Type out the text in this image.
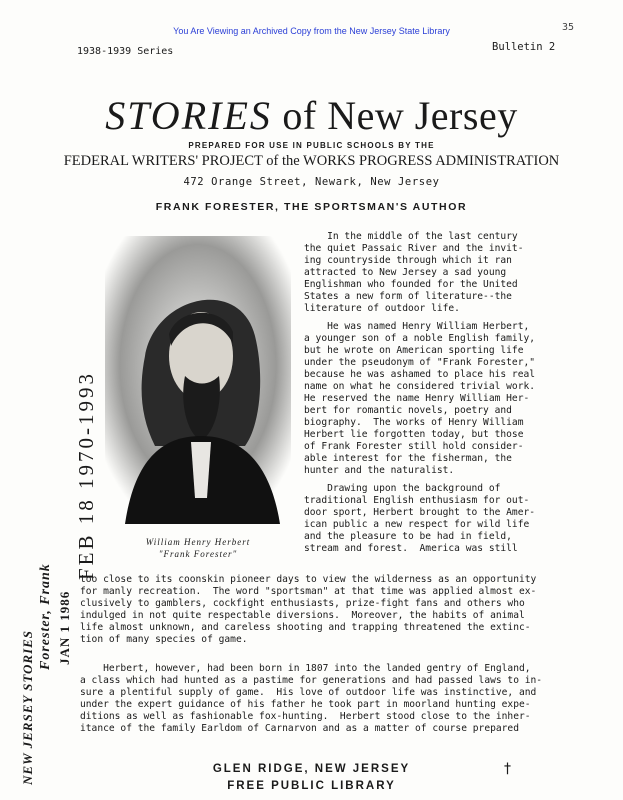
You Are Viewing an Archived Copy from the New Jersey State Library	35
1938-1939 Series	Bulletin 2
STORIES of New Jersey
PREPARED FOR USE IN PUBLIC SCHOOLS BY THE
FEDERAL WRITERS' PROJECT of the WORKS PROGRESS ADMINISTRATION
472 Orange Street, Newark, New Jersey
FRANK FORESTER, THE SPORTSMAN'S AUTHOR
William Henry Herbert
"Frank Forester"
In the middle of the last century
the quiet Passaic River and the invit-
ing countryside through which it ran
attracted to New Jersey a sad young
Englishman who founded for the United
States a new form of literature--the
literature of outdoor life.

He was named Henry William Herbert,
a younger son of a noble English family,
but he wrote on American sporting life
under the pseudonym of "Frank Forester,"
because he was ashamed to place his real
name on what he considered trivial work.
He reserved the name Henry William Her-
bert for romantic novels, poetry and
biography.  The works of Henry William
Herbert lie forgotten today, but those
of Frank Forester still hold consider-
able interest for the fisherman, the
hunter and the naturalist.

Drawing upon the background of
traditional English enthusiasm for out-
door sport, Herbert brought to the Amer-
ican public a new respect for wild life
and the pleasure to be had in field,
stream and forest.  America was still
too close to its coonskin pioneer days to view the wilderness as an opportunity
for manly recreation.  The word "sportsman" at that time was applied almost ex-
clusively to gamblers, cockfight enthusiasts, prize-fight fans and others who
indulged in not quite respectable diversions.  Moreover, the habits of animal
life almost unknown, and careless shooting and trapping threatened the extinc-
tion of many species of game.
Herbert, however, had been born in 1807 into the landed gentry of England,
a class which had hunted as a pastime for generations and had passed laws to in-
sure a plentiful supply of game.  His love of outdoor life was instinctive, and
under the expert guidance of his father he took part in moorland hunting expe-
ditions as well as fashionable fox-hunting.  Herbert stood close to the inher-
itance of the family Earldom of Carnarvon and as a matter of course prepared
NEW JERSEY STORIES
Forester, Frank JAN 1 1986
FEB 18 1970-1993
GLEN RIDGE, NEW JERSEY
FREE PUBLIC LIBRARY
†
